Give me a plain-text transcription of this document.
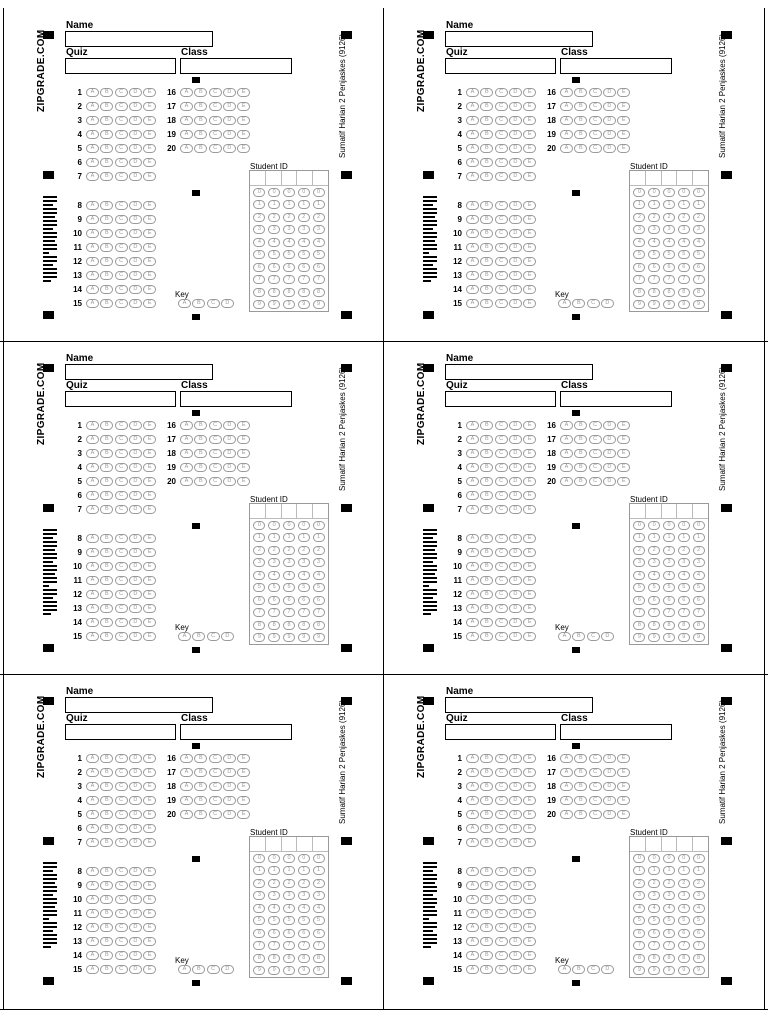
Name
Quiz	Class
ZIPGRADE.COM	Sumatif Harian 2 Penjaskes (9126)
1	A	B	C	D	E
2	A	B	C	D	E
3	A	B	C	D	E
4	A	B	C	D	E
5	A	B	C	D	E
6	A	B	C	D	E
7	A	B	C	D	E
8	A	B	C	D	E
9	A	B	C	D	E
10	A	B	C	D	E
11	A	B	C	D	E
12	A	B	C	D	E
13	A	B	C	D	E
14	A	B	C	D	E
15	A	B	C	D	E
16	A	B	C	D	E
17	A	B	C	D	E
18	A	B	C	D	E
19	A	B	C	D	E
20	A	B	C	D	E
Student ID
0	0	0	0	0
1	1	1	1	1
2	2	2	2	2
3	3	3	3	3
4	4	4	4	4
5	5	5	5	5
6	6	6	6	6
7	7	7	7	7
8	8	8	8	8
9	9	9	9	9
Key
A	B	C	D
Name
Quiz	Class
ZIPGRADE.COM	Sumatif Harian 2 Penjaskes (9126)
1	A	B	C	D	E
2	A	B	C	D	E
3	A	B	C	D	E
4	A	B	C	D	E
5	A	B	C	D	E
6	A	B	C	D	E
7	A	B	C	D	E
8	A	B	C	D	E
9	A	B	C	D	E
10	A	B	C	D	E
11	A	B	C	D	E
12	A	B	C	D	E
13	A	B	C	D	E
14	A	B	C	D	E
15	A	B	C	D	E
16	A	B	C	D	E
17	A	B	C	D	E
18	A	B	C	D	E
19	A	B	C	D	E
20	A	B	C	D	E
Student ID
0	0	0	0	0
1	1	1	1	1
2	2	2	2	2
3	3	3	3	3
4	4	4	4	4
5	5	5	5	5
6	6	6	6	6
7	7	7	7	7
8	8	8	8	8
9	9	9	9	9
Key
A	B	C	D
Name
Quiz	Class
ZIPGRADE.COM	Sumatif Harian 2 Penjaskes (9126)
1	A	B	C	D	E
2	A	B	C	D	E
3	A	B	C	D	E
4	A	B	C	D	E
5	A	B	C	D	E
6	A	B	C	D	E
7	A	B	C	D	E
8	A	B	C	D	E
9	A	B	C	D	E
10	A	B	C	D	E
11	A	B	C	D	E
12	A	B	C	D	E
13	A	B	C	D	E
14	A	B	C	D	E
15	A	B	C	D	E
16	A	B	C	D	E
17	A	B	C	D	E
18	A	B	C	D	E
19	A	B	C	D	E
20	A	B	C	D	E
Student ID
0	0	0	0	0
1	1	1	1	1
2	2	2	2	2
3	3	3	3	3
4	4	4	4	4
5	5	5	5	5
6	6	6	6	6
7	7	7	7	7
8	8	8	8	8
9	9	9	9	9
Key
A	B	C	D
Name
Quiz	Class
ZIPGRADE.COM	Sumatif Harian 2 Penjaskes (9126)
1	A	B	C	D	E
2	A	B	C	D	E
3	A	B	C	D	E
4	A	B	C	D	E
5	A	B	C	D	E
6	A	B	C	D	E
7	A	B	C	D	E
8	A	B	C	D	E
9	A	B	C	D	E
10	A	B	C	D	E
11	A	B	C	D	E
12	A	B	C	D	E
13	A	B	C	D	E
14	A	B	C	D	E
15	A	B	C	D	E
16	A	B	C	D	E
17	A	B	C	D	E
18	A	B	C	D	E
19	A	B	C	D	E
20	A	B	C	D	E
Student ID
0	0	0	0	0
1	1	1	1	1
2	2	2	2	2
3	3	3	3	3
4	4	4	4	4
5	5	5	5	5
6	6	6	6	6
7	7	7	7	7
8	8	8	8	8
9	9	9	9	9
Key
A	B	C	D
Name
Quiz	Class
ZIPGRADE.COM	Sumatif Harian 2 Penjaskes (9126)
1	A	B	C	D	E
2	A	B	C	D	E
3	A	B	C	D	E
4	A	B	C	D	E
5	A	B	C	D	E
6	A	B	C	D	E
7	A	B	C	D	E
8	A	B	C	D	E
9	A	B	C	D	E
10	A	B	C	D	E
11	A	B	C	D	E
12	A	B	C	D	E
13	A	B	C	D	E
14	A	B	C	D	E
15	A	B	C	D	E
16	A	B	C	D	E
17	A	B	C	D	E
18	A	B	C	D	E
19	A	B	C	D	E
20	A	B	C	D	E
Student ID
0	0	0	0	0
1	1	1	1	1
2	2	2	2	2
3	3	3	3	3
4	4	4	4	4
5	5	5	5	5
6	6	6	6	6
7	7	7	7	7
8	8	8	8	8
9	9	9	9	9
Key
A	B	C	D
Name
Quiz	Class
ZIPGRADE.COM	Sumatif Harian 2 Penjaskes (9126)
1	A	B	C	D	E
2	A	B	C	D	E
3	A	B	C	D	E
4	A	B	C	D	E
5	A	B	C	D	E
6	A	B	C	D	E
7	A	B	C	D	E
8	A	B	C	D	E
9	A	B	C	D	E
10	A	B	C	D	E
11	A	B	C	D	E
12	A	B	C	D	E
13	A	B	C	D	E
14	A	B	C	D	E
15	A	B	C	D	E
16	A	B	C	D	E
17	A	B	C	D	E
18	A	B	C	D	E
19	A	B	C	D	E
20	A	B	C	D	E
Student ID
0	0	0	0	0
1	1	1	1	1
2	2	2	2	2
3	3	3	3	3
4	4	4	4	4
5	5	5	5	5
6	6	6	6	6
7	7	7	7	7
8	8	8	8	8
9	9	9	9	9
Key
A	B	C	D
